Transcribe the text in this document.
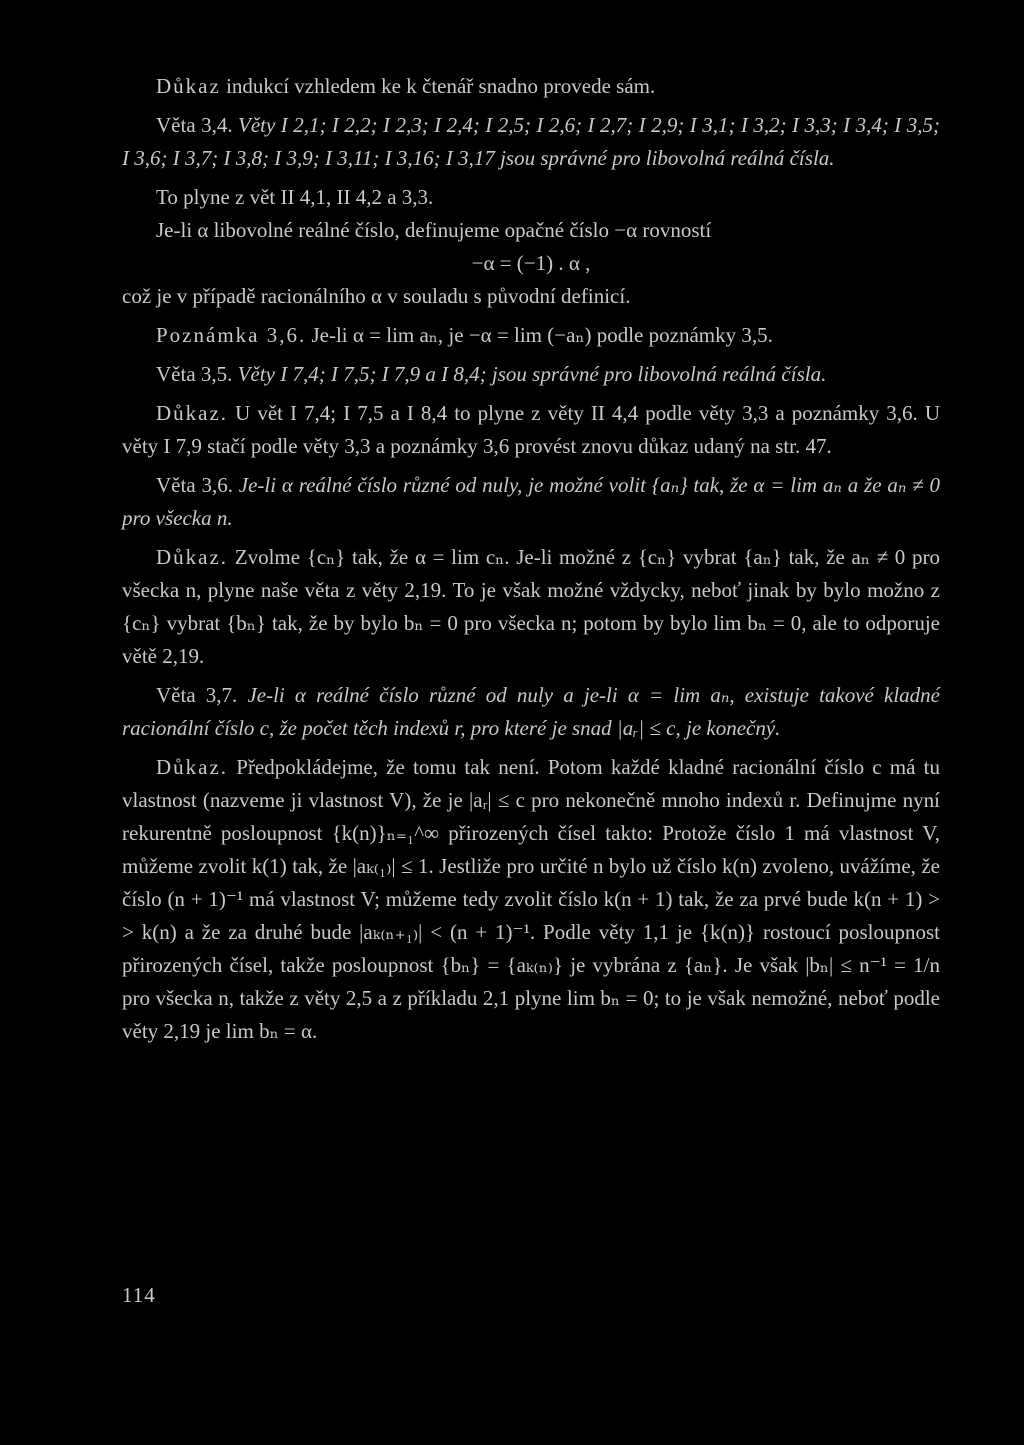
Důkaz indukcí vzhledem ke k čtenář snadno provede sám.

Věta 3,4. Věty I 2,1; I 2,2; I 2,3; I 2,4; I 2,5; I 2,6; I 2,7; I 2,9; I 3,1; I 3,2; I 3,3; I 3,4; I 3,5; I 3,6; I 3,7; I 3,8; I 3,9; I 3,11; I 3,16; I 3,17 jsou správné pro libovolná reálná čísla.

To plyne z vět II 4,1, II 4,2 a 3,3.

Je-li α libovolné reálné číslo, definujeme opačné číslo −α rovností

−α = (−1) . α ,

což je v případě racionálního α v souladu s původní definicí.

Poznámka 3,6. Je-li α = lim aₙ, je −α = lim (−aₙ) podle poznámky 3,5.

Věta 3,5. Věty I 7,4; I 7,5; I 7,9 a I 8,4; jsou správné pro libovolná reálná čísla.

Důkaz. U vět I 7,4; I 7,5 a I 8,4 to plyne z věty II 4,4 podle věty 3,3 a poznámky 3,6. U věty I 7,9 stačí podle věty 3,3 a poznámky 3,6 provést znovu důkaz udaný na str. 47.

Věta 3,6. Je-li α reálné číslo různé od nuly, je možné volit {aₙ} tak, že α = lim aₙ a že aₙ ≠ 0 pro všecka n.

Důkaz. Zvolme {cₙ} tak, že α = lim cₙ. Je-li možné z {cₙ} vybrat {aₙ} tak, že aₙ ≠ 0 pro všecka n, plyne naše věta z věty 2,19. To je však možné vždycky, neboť jinak by bylo možno z {cₙ} vybrat {bₙ} tak, že by bylo bₙ = 0 pro všecka n; potom by bylo lim bₙ = 0, ale to odporuje větě 2,19.

Věta 3,7. Je-li α reálné číslo různé od nuly a je-li α = lim aₙ, existuje takové kladné racionální číslo c, že počet těch indexů r, pro které je snad |aᵣ| ≤ c, je konečný.

Důkaz. Předpokládejme, že tomu tak není. Potom každé kladné racionální číslo c má tu vlastnost (nazveme ji vlastnost V), že je |aᵣ| ≤ c pro nekonečně mnoho indexů r. Definujme nyní rekurentně posloupnost {k(n)}ₙ₌₁^∞ přirozených čísel takto: Protože číslo 1 má vlastnost V, můžeme zvolit k(1) tak, že |aₖ₍₁₎| ≤ 1. Jestliže pro určité n bylo už číslo k(n) zvoleno, uvážíme, že číslo (n + 1)⁻¹ má vlastnost V; můžeme tedy zvolit číslo k(n + 1) tak, že za prvé bude k(n + 1) > > k(n) a že za druhé bude |aₖ₍ₙ₊₁₎| < (n + 1)⁻¹. Podle věty 1,1 je {k(n)} rostoucí posloupnost přirozených čísel, takže posloupnost {bₙ} = {aₖ₍ₙ₎} je vybrána z {aₙ}. Je však |bₙ| ≤ n⁻¹ = 1/n pro všecka n, takže z věty 2,5 a z příkladu 2,1 plyne lim bₙ = 0; to je však nemožné, neboť podle věty 2,19 je lim bₙ = α.

114
